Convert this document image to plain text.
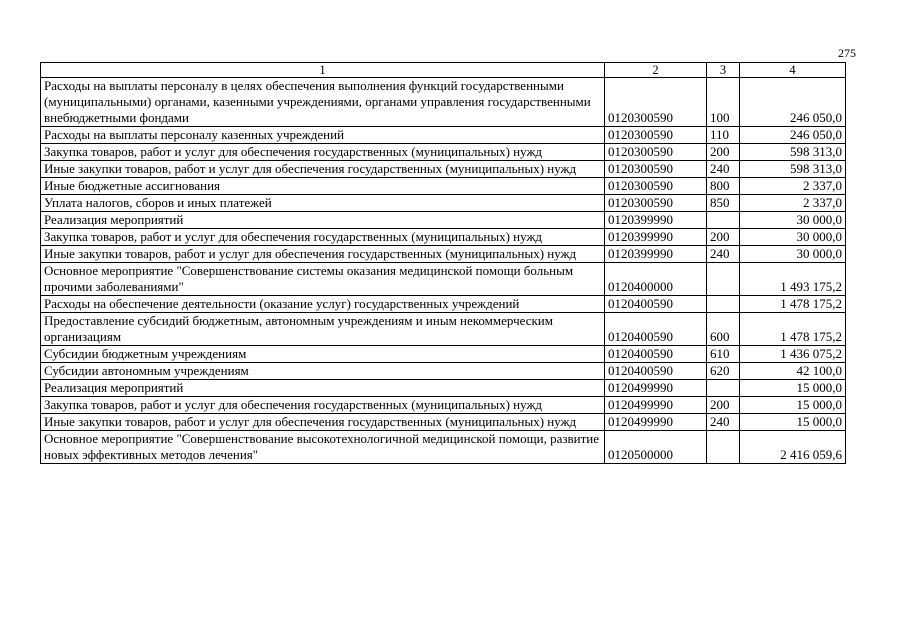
275
1	2	3	4
Расходы на выплаты персоналу в целях обеспечения выполнения функций государственными (муниципальными) органами, казенными учреждениями, органами управления государственными внебюджетными фондами	0120300590	100	246 050,0
Расходы на выплаты персоналу казенных учреждений	0120300590	110	246 050,0
Закупка товаров, работ и услуг для обеспечения государственных (муниципальных) нужд	0120300590	200	598 313,0
Иные закупки товаров, работ и услуг для обеспечения государственных (муниципальных) нужд	0120300590	240	598 313,0
Иные бюджетные ассигнования	0120300590	800	2 337,0
Уплата налогов, сборов и иных платежей	0120300590	850	2 337,0
Реализация мероприятий	0120399990		30 000,0
Закупка товаров, работ и услуг для обеспечения государственных (муниципальных) нужд	0120399990	200	30 000,0
Иные закупки товаров, работ и услуг для обеспечения государственных (муниципальных) нужд	0120399990	240	30 000,0
Основное мероприятие "Совершенствование системы оказания медицинской помощи больным прочими заболеваниями"	0120400000		1 493 175,2
Расходы на обеспечение деятельности (оказание услуг) государственных учреждений	0120400590		1 478 175,2
Предоставление субсидий бюджетным, автономным учреждениям и иным некоммерческим организациям	0120400590	600	1 478 175,2
Субсидии бюджетным учреждениям	0120400590	610	1 436 075,2
Субсидии автономным учреждениям	0120400590	620	42 100,0
Реализация мероприятий	0120499990		15 000,0
Закупка товаров, работ и услуг для обеспечения государственных (муниципальных) нужд	0120499990	200	15 000,0
Иные закупки товаров, работ и услуг для обеспечения государственных (муниципальных) нужд	0120499990	240	15 000,0
Основное мероприятие "Совершенствование высокотехнологичной медицинской помощи, развитие новых эффективных методов лечения"	0120500000		2 416 059,6
